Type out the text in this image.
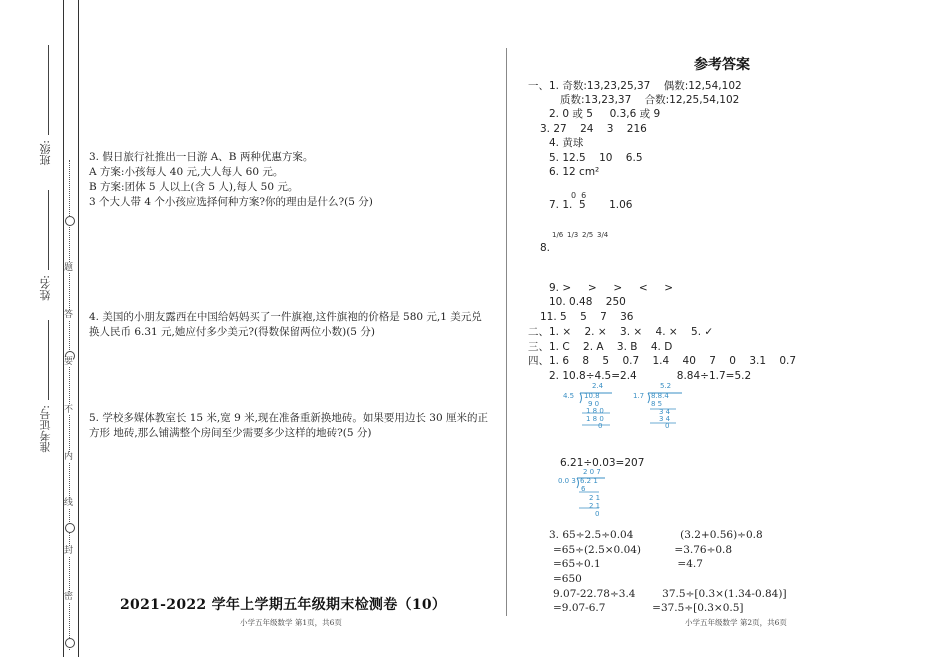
班级:
姓名:
准考证号:
密
封
线
内
不
要
答
题

3. 假日旅行社推出一日游 A、B 两种优惠方案。

A 方案:小孩每人 40 元,大人每人 60 元。

B 方案:团体 5 人以上(含 5 人),每人 50 元。

3 个大人带 4 个小孩应选择何种方案?你的理由是什么?(5 分)

4. 美国的小朋友露西在中国给妈妈买了一件旗袍,这件旗袍的价格是 580 元,1 美元兑

换人民币 6.31 元,她应付多少美元?(得数保留两位小数)(5 分)

5. 学校多媒体教室长 15 米,宽 9 米,现在准备重新换地砖。如果要用边长 30 厘米的正

方形 地砖,那么铺满整个房间至少需要多少这样的地砖?(5 分)

2021-2022 学年上学期五年级期末检测卷（10）
小学五年级数学 第1页，共6页
参考答案
一、1. 奇数:13,23,25,37    偶数:12,54,102
质数:13,23,37    合数:12,25,54,102
2. 0 或 5     0.3,6 或 9
3. 27    24    3    216
4. 黄球
5. 12.5    10    6.5
6. 12 cm²
0  6
7. 1.  5       1.06
8.
1/6 1/3 2/5 3/4
9. >     >     >     <     >
10. 0.48    250
11. 5    5    7    36
二、1. ×    2. ×    3. ×    4. ×    5. ✓
三、1. C    2. A    3. B    4. D
四、1. 6    8    5    0.7    1.4    40    7    0    3.1    0.7
2. 10.8÷4.5=2.4            8.84÷1.7=5.2
2.4
4.5 10.8
9 0
1 8 0
1 8 0
0
5.2
1.7 8.8.4
8 5
3 4
3 4
0
6.21÷0.03=207
2 0 7
0.0 3 6.2 1
6
2 1
2 1
0
3. 65÷2.5÷0.04              (3.2+0.56)÷0.8
=65÷(2.5×0.04)          =3.76÷0.8
=65÷0.1                       =4.7
=650
9.07-22.78÷3.4        37.5÷[0.3×(1.34-0.84)]
=9.07-6.7              =37.5÷[0.3×0.5]
小学五年级数学 第2页，共6页
